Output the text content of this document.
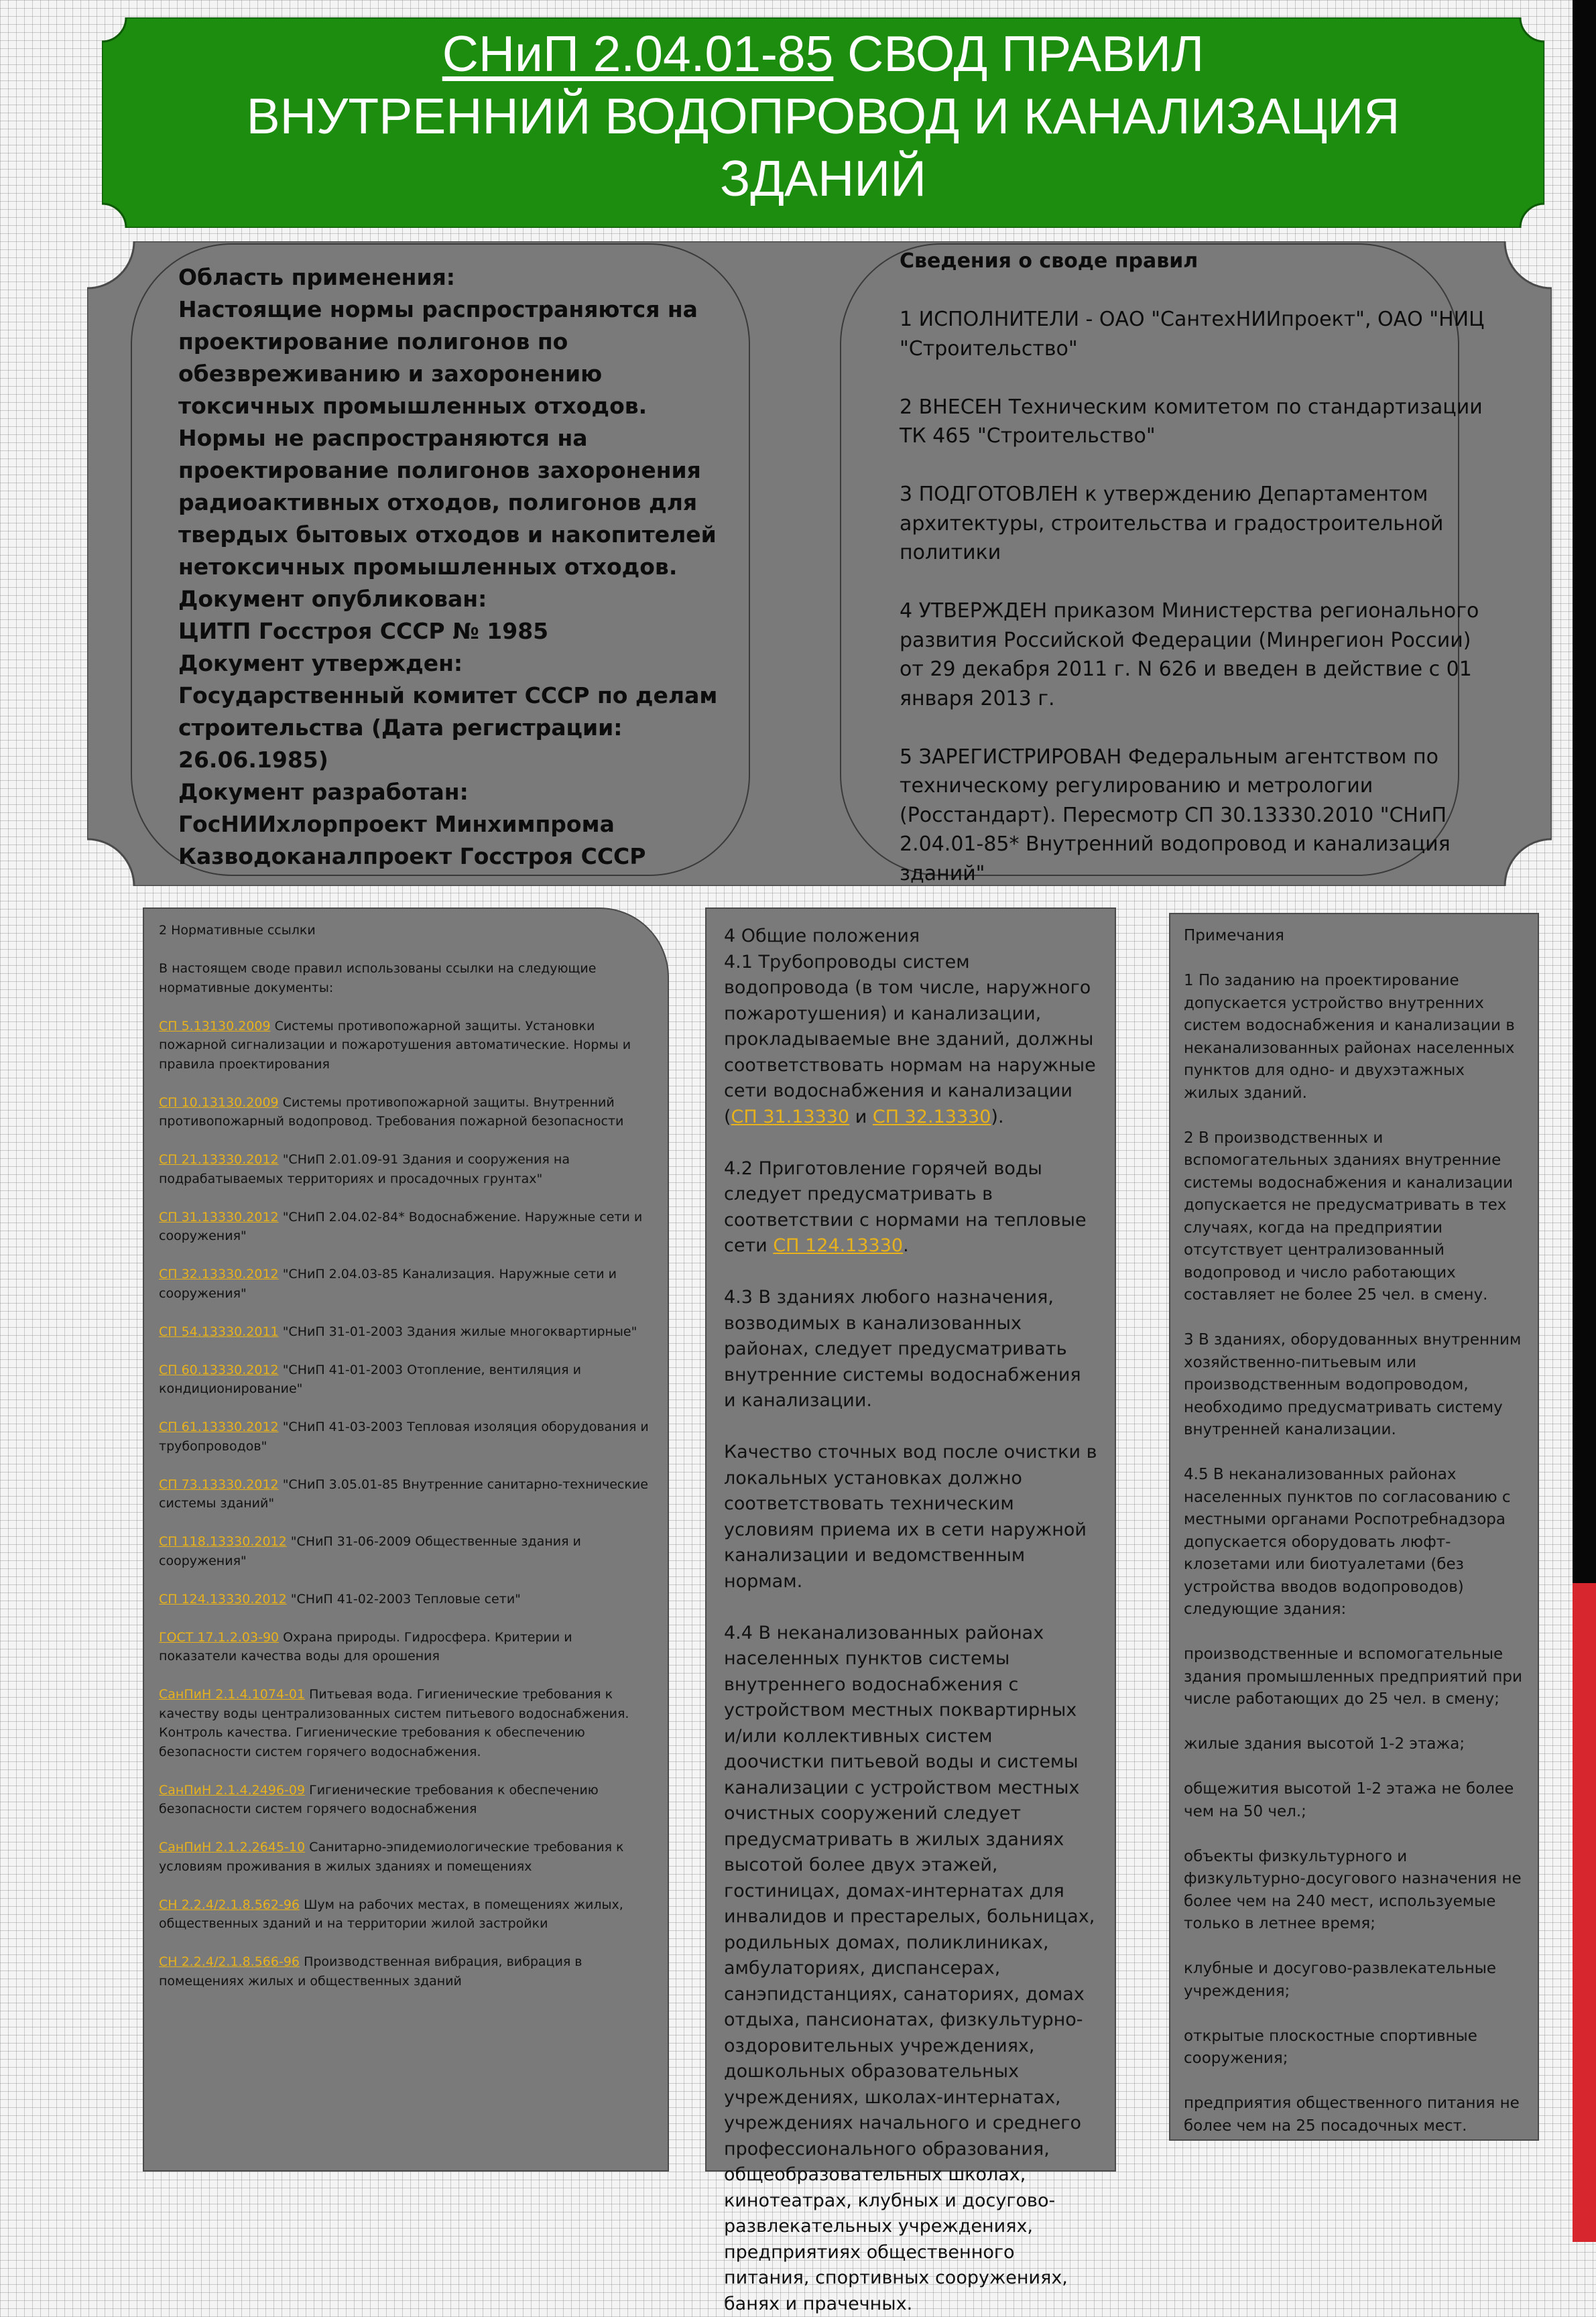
СНиП 2.04.01-85 СВОД ПРАВИЛ
ВНУТРЕННИЙ ВОДОПРОВОД И КАНАЛИЗАЦИЯ
ЗДАНИЙ

Область применения:

Настоящие нормы распространяются на проектирование полигонов по обезвреживанию и захоронению токсичных промышленных отходов. Нормы не распространяются на проектирование полигонов захоронения радиоактивных отходов, полигонов для твердых бытовых отходов и накопителей нетоксичных промышленных отходов.

Документ опубликован:

ЦИТП Госстроя СССР № 1985

Документ утвержден:

Государственный комитет СССР по делам строительства (Дата регистрации: 26.06.1985)

Документ разработан:

ГосНИИхлорпроект Минхимпрома

Казводоканалпроект Госстроя СССР

Сведения о своде правил

1 ИСПОЛНИТЕЛИ - ОАО "СантехНИИпроект", ОАО "НИЦ "Строительство"

2 ВНЕСЕН Техническим комитетом по стандартизации ТК 465 "Строительство"

3 ПОДГОТОВЛЕН к утверждению Департаментом архитектуры, строительства и градостроительной политики

4 УТВЕРЖДЕН приказом Министерства регионального развития Российской Федерации (Минрегион России) от 29 декабря 2011 г. N 626 и введен в действие с 01 января 2013 г.

5 ЗАРЕГИСТРИРОВАН Федеральным агентством по техническому регулированию и метрологии (Росстандарт). Пересмотр СП 30.13330.2010 "СНиП 2.04.01-85* Внутренний водопровод и канализация зданий"

2 Нормативные ссылки

В настоящем своде правил использованы ссылки на следующие нормативные документы:

СП 5.13130.2009 Системы противопожарной защиты. Установки пожарной сигнализации и пожаротушения автоматические. Нормы и правила проектирования

СП 10.13130.2009 Системы противопожарной защиты. Внутренний противопожарный водопровод. Требования пожарной безопасности

СП 21.13330.2012 "СНиП 2.01.09-91 Здания и сооружения на подрабатываемых территориях и просадочных грунтах"

СП 31.13330.2012 "СНиП 2.04.02-84* Водоснабжение. Наружные сети и сооружения"

СП 32.13330.2012 "СНиП 2.04.03-85 Канализация. Наружные сети и сооружения"

СП 54.13330.2011 "СНиП 31-01-2003 Здания жилые многоквартирные"

СП 60.13330.2012 "СНиП 41-01-2003 Отопление, вентиляция и кондиционирование"

СП 61.13330.2012 "СНиП 41-03-2003 Тепловая изоляция оборудования и трубопроводов"

СП 73.13330.2012 "СНиП 3.05.01-85 Внутренние санитарно-технические системы зданий"

СП 118.13330.2012 "СНиП 31-06-2009 Общественные здания и сооружения"

СП 124.13330.2012 "СНиП 41-02-2003 Тепловые сети"

ГОСТ 17.1.2.03-90 Охрана природы. Гидросфера. Критерии и показатели качества воды для орошения

СанПиН 2.1.4.1074-01 Питьевая вода. Гигиенические требования к качеству воды централизованных систем питьевого водоснабжения. Контроль качества. Гигиенические требования к обеспечению безопасности систем горячего водоснабжения.

СанПиН 2.1.4.2496-09 Гигиенические требования к обеспечению безопасности систем горячего водоснабжения

СанПиН 2.1.2.2645-10 Санитарно-эпидемиологические требования к условиям проживания в жилых зданиях и помещениях

СН 2.2.4/2.1.8.562-96 Шум на рабочих местах, в помещениях жилых, общественных зданий и на территории жилой застройки

СН 2.2.4/2.1.8.566-96 Производственная вибрация, вибрация в помещениях жилых и общественных зданий

4 Общие положения

4.1 Трубопроводы систем водопровода (в том числе, наружного пожаротушения) и канализации, прокладываемые вне зданий, должны соответствовать нормам на наружные сети водоснабжения и канализации (СП 31.13330 и СП 32.13330).

4.2 Приготовление горячей воды следует предусматривать в соответствии с нормами на тепловые сети СП 124.13330.

4.3 В зданиях любого назначения, возводимых в канализованных районах, следует предусматривать внутренние системы водоснабжения и канализации.

Качество сточных вод после очистки в локальных установках должно соответствовать техническим условиям приема их в сети наружной канализации и ведомственным нормам.

4.4 В неканализованных районах населенных пунктов системы внутреннего водоснабжения с устройством местных поквартирных и/или коллективных систем доочистки питьевой воды и системы канализации с устройством местных очистных сооружений следует предусматривать в жилых зданиях высотой более двух этажей, гостиницах, домах-интернатах для инвалидов и престарелых, больницах, родильных домах, поликлиниках, амбулаториях, диспансерах, санэпидстанциях, санаториях, домах отдыха, пансионатах, физкультурно-оздоровительных учреждениях, дошкольных образовательных учреждениях, школах-интернатах, учреждениях начального и среднего профессионального образования, общеобразовательных школах, кинотеатрах, клубных и досугово-развлекательных учреждениях, предприятиях общественного питания, спортивных сооружениях, банях и прачечных.

Примечания

1 По заданию на проектирование допускается устройство внутренних систем водоснабжения и канализации в неканализованных районах населенных пунктов для одно- и двухэтажных жилых зданий.

2 В производственных и вспомогательных зданиях внутренние системы водоснабжения и канализации допускается не предусматривать в тех случаях, когда на предприятии отсутствует централизованный водопровод и число работающих составляет не более 25 чел. в смену.

3 В зданиях, оборудованных внутренним хозяйственно-питьевым или производственным водопроводом, необходимо предусматривать систему внутренней канализации.

4.5 В неканализованных районах населенных пунктов по согласованию с местными органами Роспотребнадзора допускается оборудовать люфт-клозетами или биотуалетами (без устройства вводов водопроводов) следующие здания:

производственные и вспомогательные здания промышленных предприятий при числе работающих до 25 чел. в смену;

жилые здания высотой 1-2 этажа;

общежития высотой 1-2 этажа не более чем на 50 чел.;

объекты физкультурного и физкультурно-досугового назначения не более чем на 240 мест, используемые только в летнее время;

клубные и досугово-развлекательные учреждения;

открытые плоскостные спортивные сооружения;

предприятия общественного питания не более чем на 25 посадочных мест.
